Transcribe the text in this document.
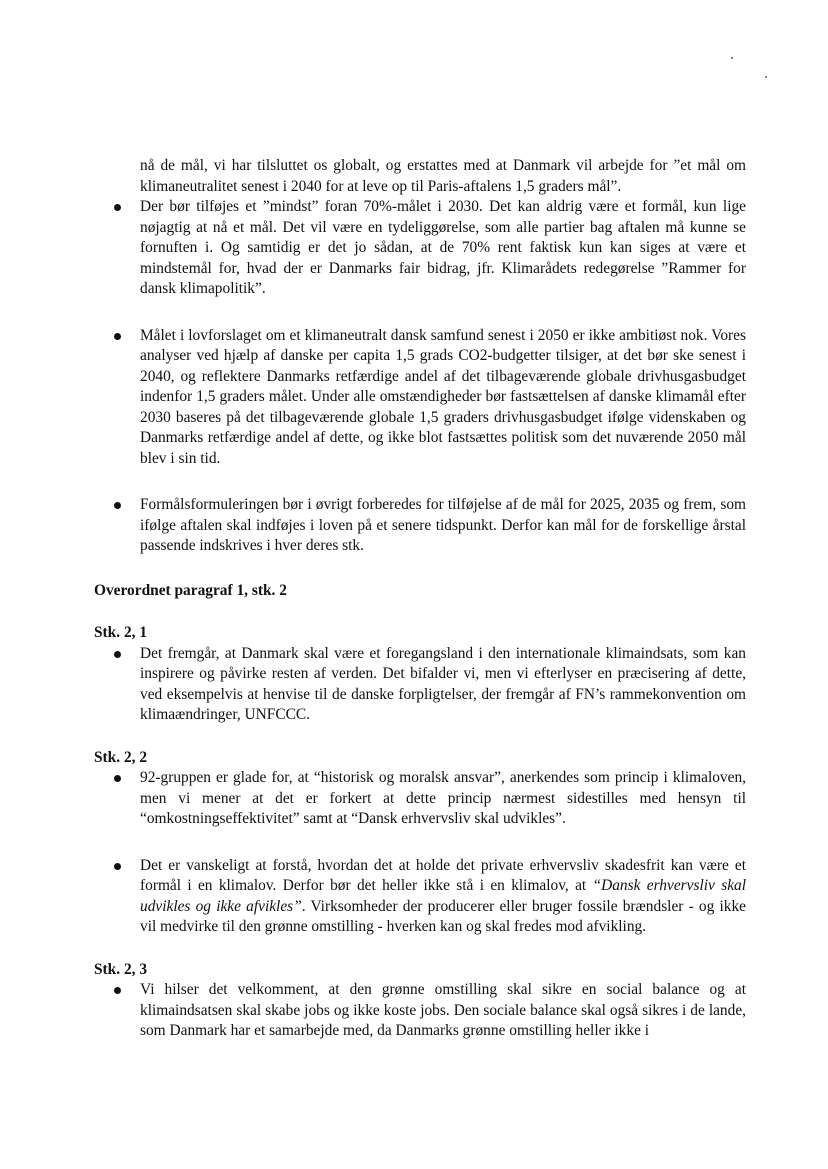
nå de mål, vi har tilsluttet os globalt, og erstattes med at Danmark vil arbejde for ”et mål om klimaneutralitet senest i 2040 for at leve op til Paris-aftalens 1,5 graders mål”.

Der bør tilføjes et ”mindst” foran 70%-målet i 2030. Det kan aldrig være et formål, kun lige nøjagtig at nå et mål. Det vil være en tydeliggørelse, som alle partier bag aftalen må kunne se fornuften i. Og samtidig er det jo sådan, at de 70% rent faktisk kun kan siges at være et mindstemål for, hvad der er Danmarks fair bidrag, jfr. Klimarådets redegørelse ”Rammer for dansk klimapolitik”.
Målet i lovforslaget om et klimaneutralt dansk samfund senest i 2050 er ikke ambitiøst nok. Vores analyser ved hjælp af danske per capita 1,5 grads CO2-budgetter tilsiger, at det bør ske senest i 2040, og reflektere Danmarks retfærdige andel af det tilbageværende globale drivhusgasbudget indenfor 1,5 graders målet. Under alle omstændigheder bør fastsættelsen af danske klimamål efter 2030 baseres på det tilbageværende globale 1,5 graders drivhusgasbudget ifølge videnskaben og Danmarks retfærdige andel af dette, og ikke blot fastsættes politisk som det nuværende 2050 mål blev i sin tid.
Formålsformuleringen bør i øvrigt forberedes for tilføjelse af de mål for 2025, 2035 og frem, som ifølge aftalen skal indføjes i loven på et senere tidspunkt. Derfor kan mål for de forskellige årstal passende indskrives i hver deres stk.

Overordnet paragraf 1, stk. 2

Stk. 2, 1

Det fremgår, at Danmark skal være et foregangsland i den internationale klimaindsats, som kan inspirere og påvirke resten af verden. Det bifalder vi, men vi efterlyser en præcisering af dette, ved eksempelvis at henvise til de danske forpligtelser, der fremgår af FN’s rammekonvention om klimaændringer, UNFCCC.

Stk. 2, 2

92-gruppen er glade for, at “historisk og moralsk ansvar”, anerkendes som princip i klimaloven, men vi mener at det er forkert at dette princip nærmest sidestilles med hensyn til “omkostningseffektivitet” samt at “Dansk erhvervsliv skal udvikles”.
Det er vanskeligt at forstå, hvordan det at holde det private erhvervsliv skadesfrit kan være et formål i en klimalov. Derfor bør det heller ikke stå i en klimalov, at “Dansk erhvervsliv skal udvikles og ikke afvikles”. Virksomheder der producerer eller bruger fossile brændsler - og ikke vil medvirke til den grønne omstilling - hverken kan og skal fredes mod afvikling.

Stk. 2, 3

Vi hilser det velkomment, at den grønne omstilling skal sikre en social balance og at klimaindsatsen skal skabe jobs og ikke koste jobs. Den sociale balance skal også sikres i de lande, som Danmark har et samarbejde med, da Danmarks grønne omstilling heller ikke i
